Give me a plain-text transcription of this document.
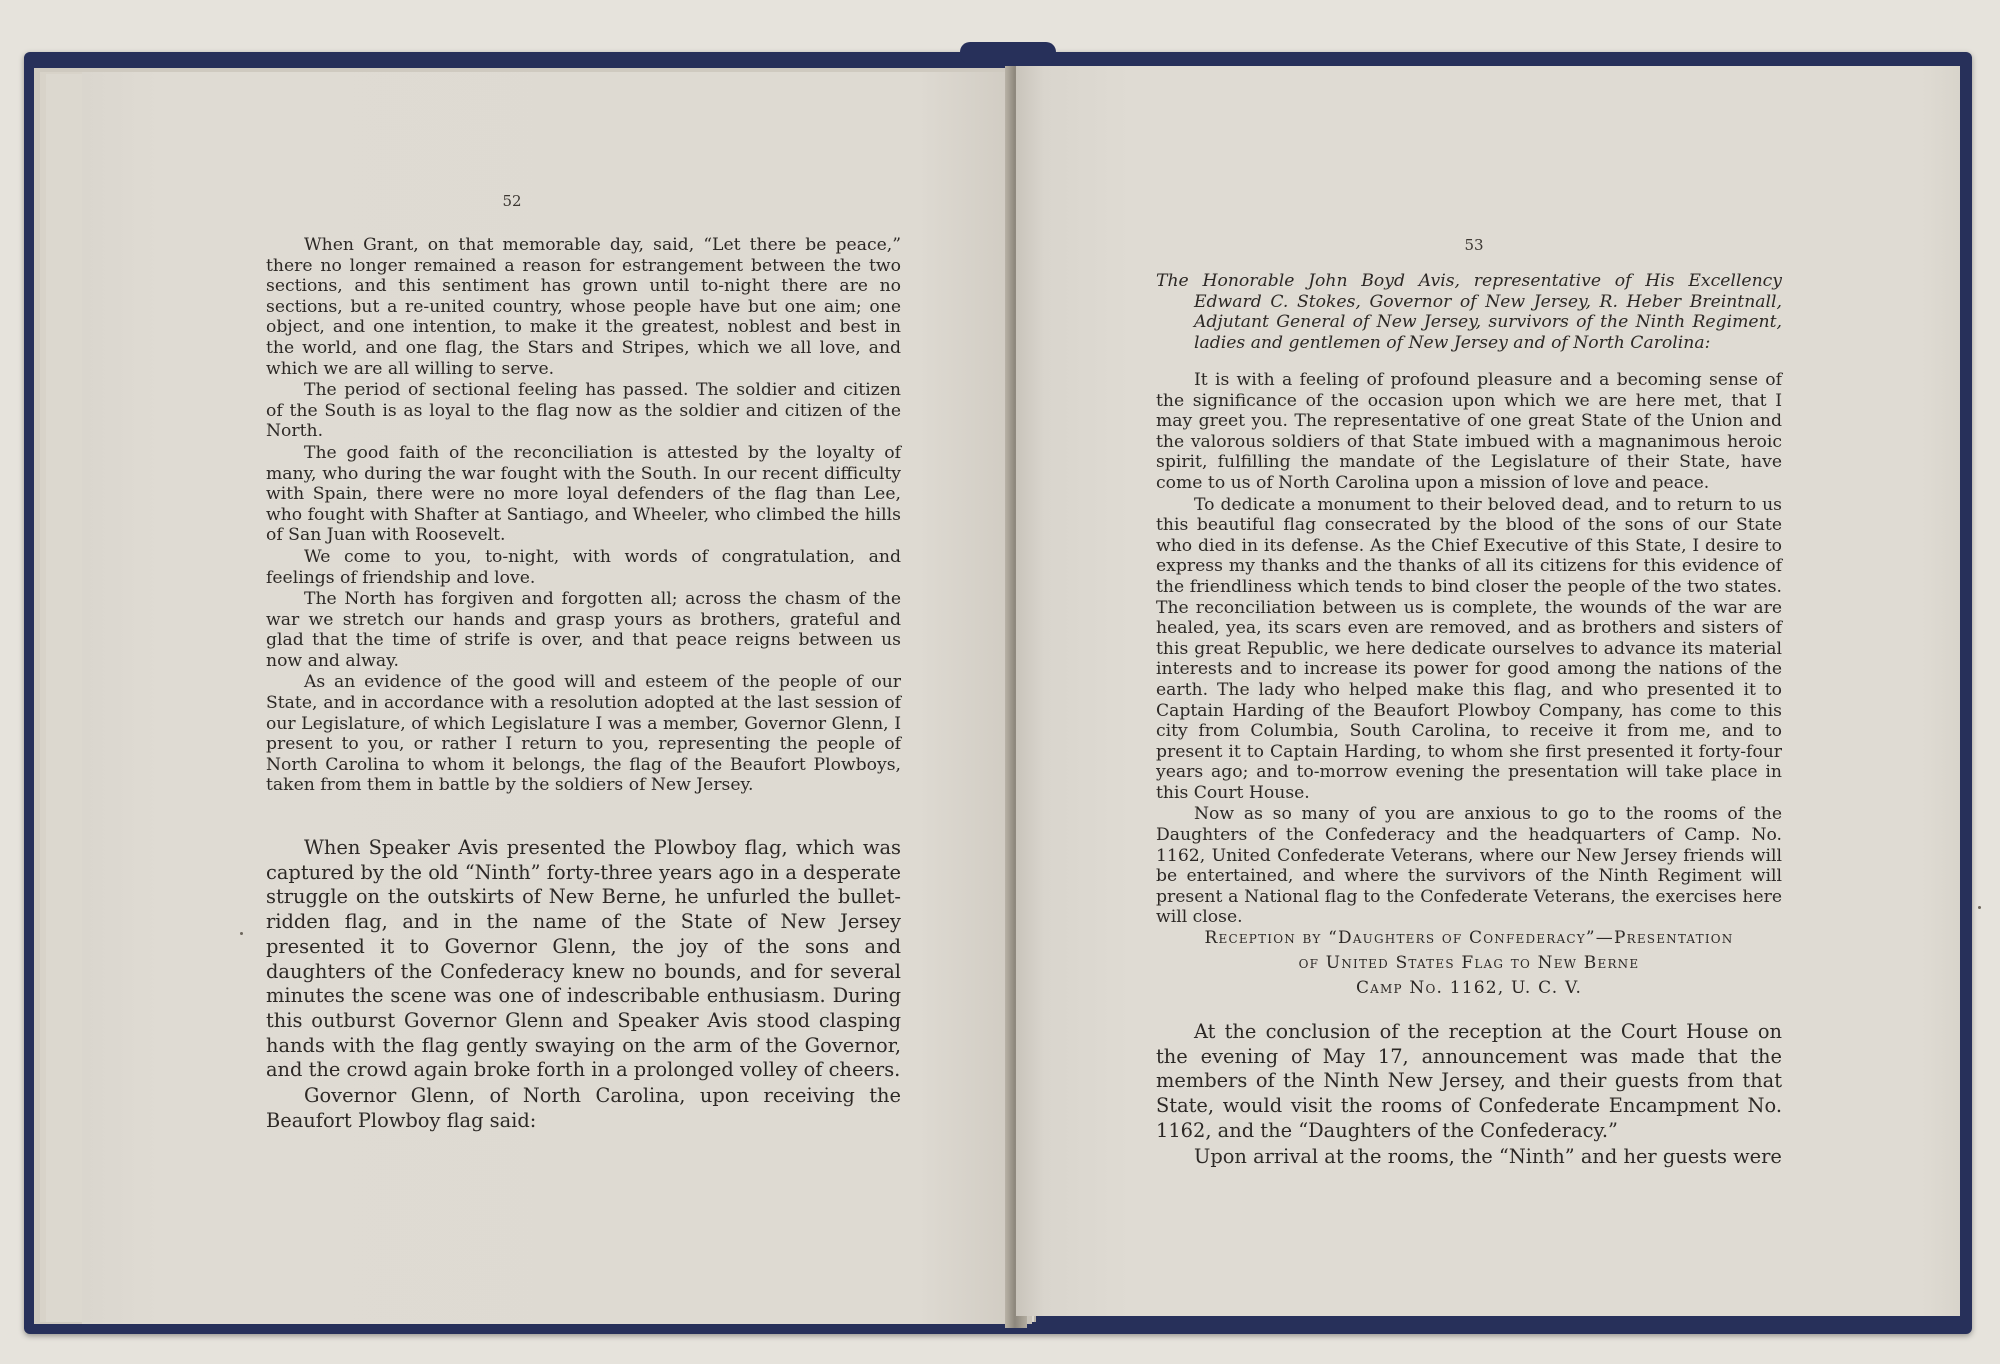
52

When Grant, on that memorable day, said, “Let there be peace,” there no longer remained a reason for estrangement between the two sections, and this sentiment has grown until to-night there are no sections, but a re-united country, whose people have but one aim; one object, and one intention, to make it the greatest, noblest and best in the world, and one flag, the Stars and Stripes, which we all love, and which we are all willing to serve.

The period of sectional feeling has passed. The soldier and citizen of the South is as loyal to the flag now as the soldier and citizen of the North.

The good faith of the reconciliation is attested by the loyalty of many, who during the war fought with the South. In our recent difficulty with Spain, there were no more loyal defenders of the flag than Lee, who fought with Shafter at Santiago, and Wheeler, who climbed the hills of San Juan with Roosevelt.

We come to you, to-night, with words of congratulation, and feelings of friendship and love.

The North has forgiven and forgotten all; across the chasm of the war we stretch our hands and grasp yours as brothers, grateful and glad that the time of strife is over, and that peace reigns between us now and alway.

As an evidence of the good will and esteem of the people of our State, and in accordance with a resolution adopted at the last session of our Legislature, of which Legislature I was a member, Governor Glenn, I present to you, or rather I return to you, representing the people of North Carolina to whom it belongs, the flag of the Beaufort Plowboys, taken from them in battle by the soldiers of New Jersey.

When Speaker Avis presented the Plowboy flag, which was captured by the old “Ninth” forty-three years ago in a desperate struggle on the outskirts of New Berne, he unfurled the bullet-ridden flag, and in the name of the State of New Jersey presented it to Governor Glenn, the joy of the sons and daughters of the Confederacy knew no bounds, and for several minutes the scene was one of indescribable enthusiasm. During this outburst Governor Glenn and Speaker Avis stood clasping hands with the flag gently swaying on the arm of the Governor, and the crowd again broke forth in a prolonged volley of cheers.

Governor Glenn, of North Carolina, upon receiving the Beaufort Plowboy flag said:

53
The Honorable John Boyd Avis, representative of His Excellency Edward C. Stokes, Governor of New Jersey, R. Heber Breintnall, Adjutant General of New Jersey, survivors of the Ninth Regiment, ladies and gentlemen of New Jersey and of North Carolina:

It is with a feeling of profound pleasure and a becoming sense of the significance of the occasion upon which we are here met, that I may greet you. The representative of one great State of the Union and the valorous soldiers of that State imbued with a magnanimous heroic spirit, fulfilling the mandate of the Legislature of their State, have come to us of North Carolina upon a mission of love and peace.

To dedicate a monument to their beloved dead, and to return to us this beautiful flag consecrated by the blood of the sons of our State who died in its defense. As the Chief Executive of this State, I desire to express my thanks and the thanks of all its citizens for this evidence of the friendliness which tends to bind closer the people of the two states. The reconciliation between us is complete, the wounds of the war are healed, yea, its scars even are removed, and as brothers and sisters of this great Republic, we here dedicate ourselves to advance its material interests and to increase its power for good among the nations of the earth. The lady who helped make this flag, and who presented it to Captain Harding of the Beaufort Plowboy Company, has come to this city from Columbia, South Carolina, to receive it from me, and to present it to Captain Harding, to whom she first presented it forty-four years ago; and to-morrow evening the presentation will take place in this Court House.

Now as so many of you are anxious to go to the rooms of the Daughters of the Confederacy and the headquarters of Camp. No. 1162, United Confederate Veterans, where our New Jersey friends will be entertained, and where the survivors of the Ninth Regiment will present a National flag to the Confederate Veterans, the exercises here will close.

Reception by “Daughters of Confederacy”—Presentation
of United States Flag to New Berne
Camp No. 1162, U. C. V.

At the conclusion of the reception at the Court House on the evening of May 17, announcement was made that the members of the Ninth New Jersey, and their guests from that State, would visit the rooms of Confederate Encampment No. 1162, and the “Daughters of the Confederacy.”

Upon arrival at the rooms, the “Ninth” and her guests were
